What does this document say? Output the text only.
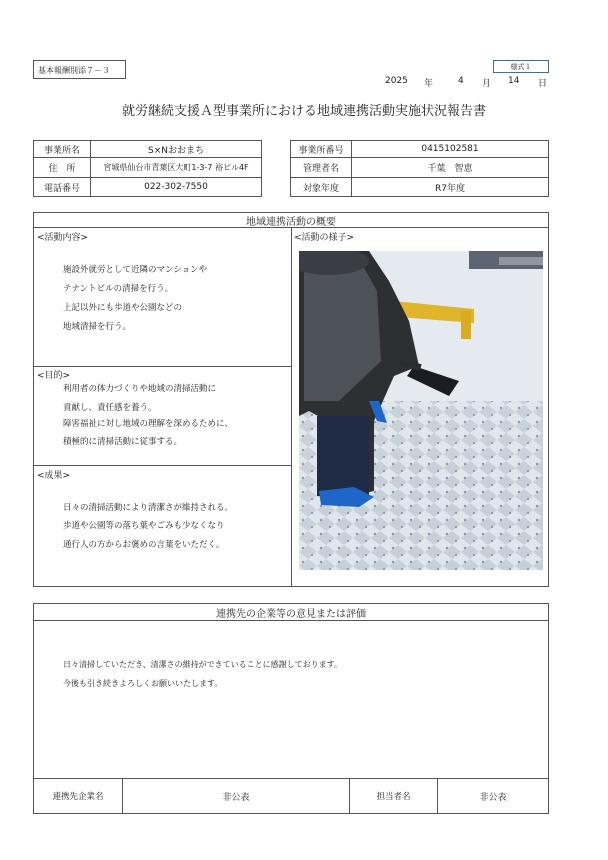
基本報酬別添７－３	様式１
2025 年	4 月 14 日
就労継続支援Ａ型事業所における地域連携活動実施状況報告書
事業所名	S×Nおおまち
住　所	宮城県仙台市青葉区大町1-3-7 裕ビル4F
電話番号	022-302-7550
事業所番号	0415102581
管理者名	千葉　智恵
対象年度	R7年度
地域連携活動の概要
<活動内容>
施設外就労として近隣のマンションや
テナントビルの清掃を行う。
上記以外にも歩道や公園などの
地域清掃を行う。
<目的>
利用者の体力づくりや地域の清掃活動に
貢献し、責任感を養う。
障害福祉に対し地域の理解を深めるために、
積極的に清掃活動に従事する。
<成果>
日々の清掃活動により清潔さが維持される。
歩道や公園等の落ち葉やごみも少なくなり
通行人の方からお褒めの言葉をいただく。
<活動の様子>
連携先の企業等の意見または評価
日々清掃していただき、清潔さの維持ができていることに感謝しております。
今後も引き続きよろしくお願いいたします。
連携先企業名	非公表	担当者名	非公表
